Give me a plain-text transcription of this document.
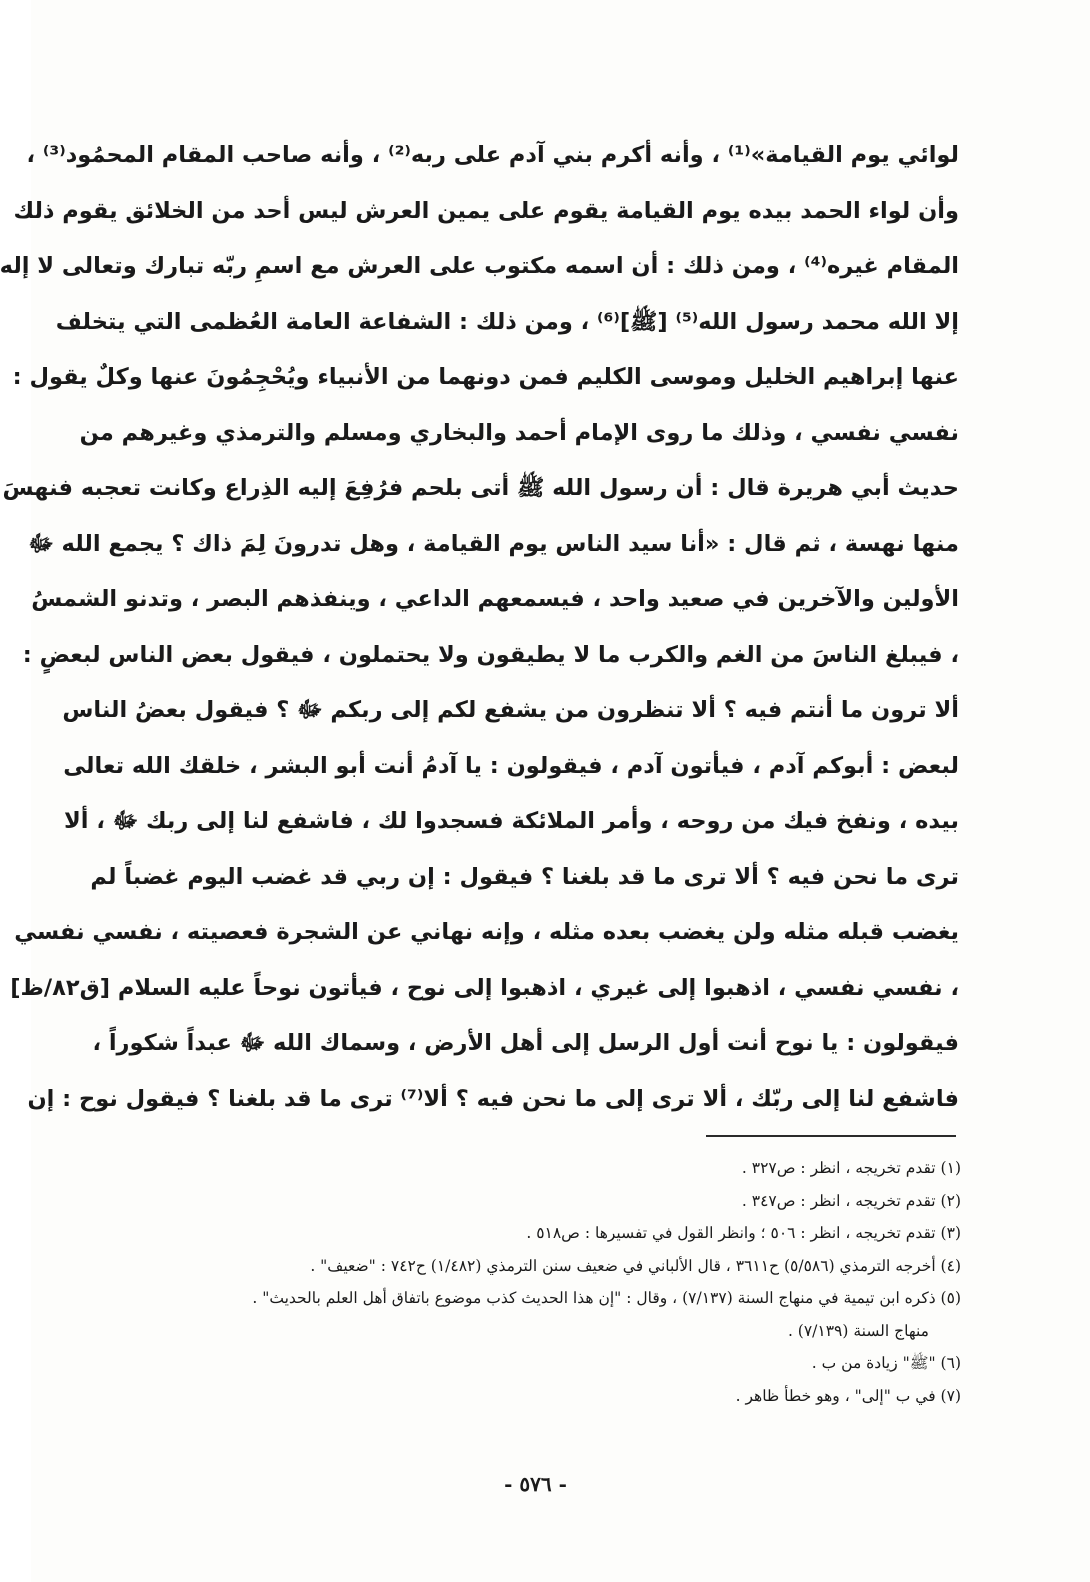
لوائي يوم القيامة»⁽¹⁾ ، وأنه أكرم بني آدم على ربه⁽²⁾ ، وأنه صاحب المقام المحمُود⁽³⁾ ،
وأن لواء الحمد بيده يوم القيامة يقوم على يمين العرش ليس أحد من الخلائق يقوم ذلك
المقام غيره⁽⁴⁾ ، ومن ذلك : أن اسمه مكتوب على العرش مع اسمِ ربّه تبارك وتعالى لا إله
إلا الله محمد رسول الله⁽⁵⁾ [ﷺ]⁽⁶⁾ ، ومن ذلك : الشفاعة العامة العُظمى التي يتخلف
عنها إبراهيم الخليل وموسى الكليم فمن دونهما من الأنبياء ويُحْجِمُونَ عنها وكلٌ يقول :
نفسي نفسي ، وذلك ما روى الإمام أحمد والبخاري ومسلم والترمذي وغيرهم من
حديث أبي هريرة قال : أن رسول الله ﷺ أتى بلحم فرُفِعَ إليه الذِراع وكانت تعجبه فنهسَ
منها نهسة ، ثم قال : «أنا سيد الناس يوم القيامة ، وهل تدرونَ لِمَ ذاك ؟ يجمع الله ﷻ
الأولين والآخرين في صعيد واحد ، فيسمعهم الداعي ، وينفذهم البصر ، وتدنو الشمسُ
، فيبلغ الناسَ من الغم والكرب ما لا يطيقون ولا يحتملون ، فيقول بعض الناس لبعضٍ :
ألا ترون ما أنتم فيه ؟ ألا تنظرون من يشفع لكم إلى ربكم ﷻ ؟ فيقول بعضُ الناس
لبعض : أبوكم آدم ، فيأتون آدم ، فيقولون : يا آدمُ أنت أبو البشر ، خلقك الله تعالى
بيده ، ونفخ فيك من روحه ، وأمر الملائكة فسجدوا لك ، فاشفع لنا إلى ربك ﷻ ، ألا
ترى ما نحن فيه ؟ ألا ترى ما قد بلغنا ؟ فيقول : إن ربي قد غضب اليوم غضباً لم
يغضب قبله مثله ولن يغضب بعده مثله ، وإنه نهاني عن الشجرة فعصيته ، نفسي نفسي
، نفسي نفسي ، اذهبوا إلى غيري ، اذهبوا إلى نوح ، فيأتون نوحاً عليه السلام [ق٨٢/ظ]
فيقولون : يا نوح أنت أول الرسل إلى أهل الأرض ، وسماك الله ﷻ عبداً شكوراً ،
فاشفع لنا إلى ربّك ، ألا ترى إلى ما نحن فيه ؟ ألا⁽⁷⁾ ترى ما قد بلغنا ؟ فيقول نوح : إن
(١) تقدم تخريجه ، انظر : ص٣٢٧ .
(٢) تقدم تخريجه ، انظر : ص٣٤٧ .
(٣) تقدم تخريجه ، انظر : ٥٠٦ ؛ وانظر القول في تفسيرها : ص٥١٨ .
(٤) أخرجه الترمذي (٥/٥٨٦) ح٣٦١١ ، قال الألباني في ضعيف سنن الترمذي (١/٤٨٢) ح٧٤٢ : "ضعيف" .
(٥) ذكره ابن تيمية في منهاج السنة (٧/١٣٧) ، وقال : "إن هذا الحديث كذب موضوع باتفاق أهل العلم بالحديث" .
منهاج السنة (٧/١٣٩) .
(٦) "ﷺ" زيادة من ب .
(٧) في ب "إلى" ، وهو خطأ ظاهر .
- ٥٧٦ -
